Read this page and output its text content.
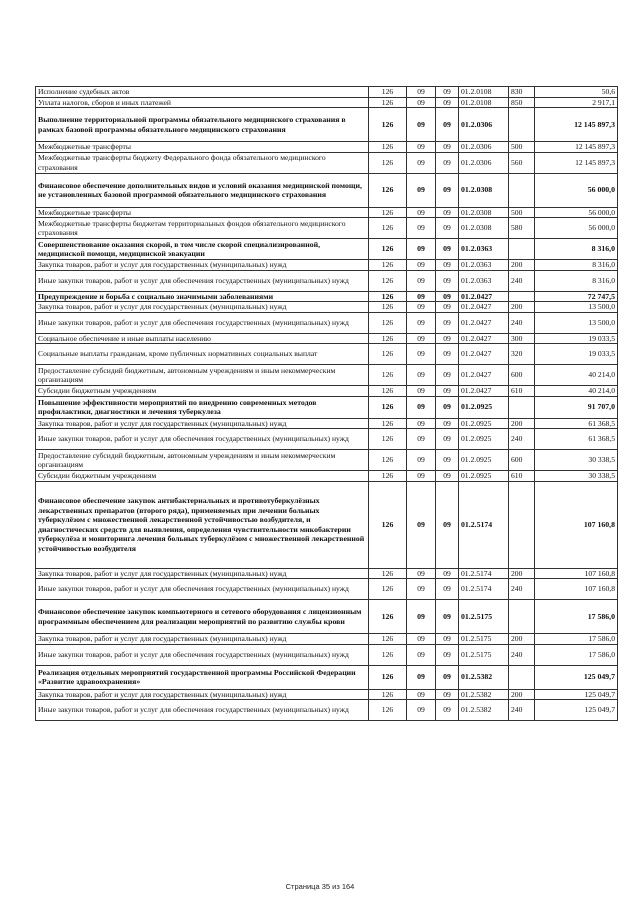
Исполнение судебных актов	126	09	09	01.2.0108	830	50,6
Уплата налогов, сборов и иных платежей	126	09	09	01.2.0108	850	2 917,1
Выполнение территориальной программы обязательного медицинского страхования в рамках базовой программы обязательного медицинского страхования	126	09	09	01.2.0306		12 145 897,3
Межбюджетные трансферты	126	09	09	01.2.0306	500	12 145 897,3
Межбюджетные трансферты бюджету Федерального фонда обязательного медицинского страхования	126	09	09	01.2.0306	560	12 145 897,3
Финансовое обеспечение дополнительных видов и условий оказания медицинской помощи, не установленных базовой программой обязательного медицинского страхования	126	09	09	01.2.0308		56 000,0
Межбюджетные трансферты	126	09	09	01.2.0308	500	56 000,0
Межбюджетные трансферты бюджетам территориальных фондов обязательного медицинского страхования	126	09	09	01.2.0308	580	56 000,0
Совершенствование оказания скорой, в том числе скорой специализированной, медицинской помощи, медицинской эвакуации	126	09	09	01.2.0363		8 316,0
Закупка товаров, работ и услуг для государственных (муниципальных) нужд	126	09	09	01.2.0363	200	8 316,0
Иные закупки товаров, работ и услуг для обеспечения государственных (муниципальных) нужд	126	09	09	01.2.0363	240	8 316,0
Предупреждение и борьба с социально значимыми заболеваниями	126	09	09	01.2.0427		72 747,5
Закупка товаров, работ и услуг для государственных (муниципальных) нужд	126	09	09	01.2.0427	200	13 500,0
Иные закупки товаров, работ и услуг для обеспечения государственных (муниципальных) нужд	126	09	09	01.2.0427	240	13 500,0
Социальное обеспечение и иные выплаты населению	126	09	09	01.2.0427	300	19 033,5
Социальные выплаты гражданам, кроме публичных нормативных социальных выплат	126	09	09	01.2.0427	320	19 033,5
Предоставление субсидий бюджетным, автономным учреждениям и иным некоммерческим организациям	126	09	09	01.2.0427	600	40 214,0
Субсидии бюджетным учреждениям	126	09	09	01.2.0427	610	40 214,0
Повышение эффективности мероприятий по внедрению современных методов профилактики, диагностики и лечения туберкулеза	126	09	09	01.2.0925		91 707,0
Закупка товаров, работ и услуг для государственных (муниципальных) нужд	126	09	09	01.2.0925	200	61 368,5
Иные закупки товаров, работ и услуг для обеспечения государственных (муниципальных) нужд	126	09	09	01.2.0925	240	61 368,5
Предоставление субсидий бюджетным, автономным учреждениям и иным некоммерческим организациям	126	09	09	01.2.0925	600	30 338,5
Субсидии бюджетным учреждениям	126	09	09	01.2.0925	610	30 338,5
Финансовое обеспечение закупок антибактериальных и противотуберкулёзных лекарственных препаратов (второго ряда), применяемых при лечении больных туберкулёзом с множественной лекарственной устойчивостью возбудителя, и диагностических средств для выявления, определения чувствительности микобактерии туберкулёза и мониторинга лечения больных туберкулёзом с множественной лекарственной устойчивостью возбудителя	126	09	09	01.2.5174		107 160,8
Закупка товаров, работ и услуг для государственных (муниципальных) нужд	126	09	09	01.2.5174	200	107 160,8
Иные закупки товаров, работ и услуг для обеспечения государственных (муниципальных) нужд	126	09	09	01.2.5174	240	107 160,8
Финансовое обеспечение закупок компьютерного и сетевого оборудования с лицензионным программным обеспечением для реализации мероприятий по развитию службы крови	126	09	09	01.2.5175		17 586,0
Закупка товаров, работ и услуг для государственных (муниципальных) нужд	126	09	09	01.2.5175	200	17 586,0
Иные закупки товаров, работ и услуг для обеспечения государственных (муниципальных) нужд	126	09	09	01.2.5175	240	17 586,0
Реализация отдельных мероприятий государственной программы Российской Федерации «Развитие здравоохранения»	126	09	09	01.2.5382		125 049,7
Закупка товаров, работ и услуг для государственных (муниципальных) нужд	126	09	09	01.2.5382	200	125 049,7
Иные закупки товаров, работ и услуг для обеспечения государственных (муниципальных) нужд	126	09	09	01.2.5382	240	125 049,7
Страница 35 из 164
